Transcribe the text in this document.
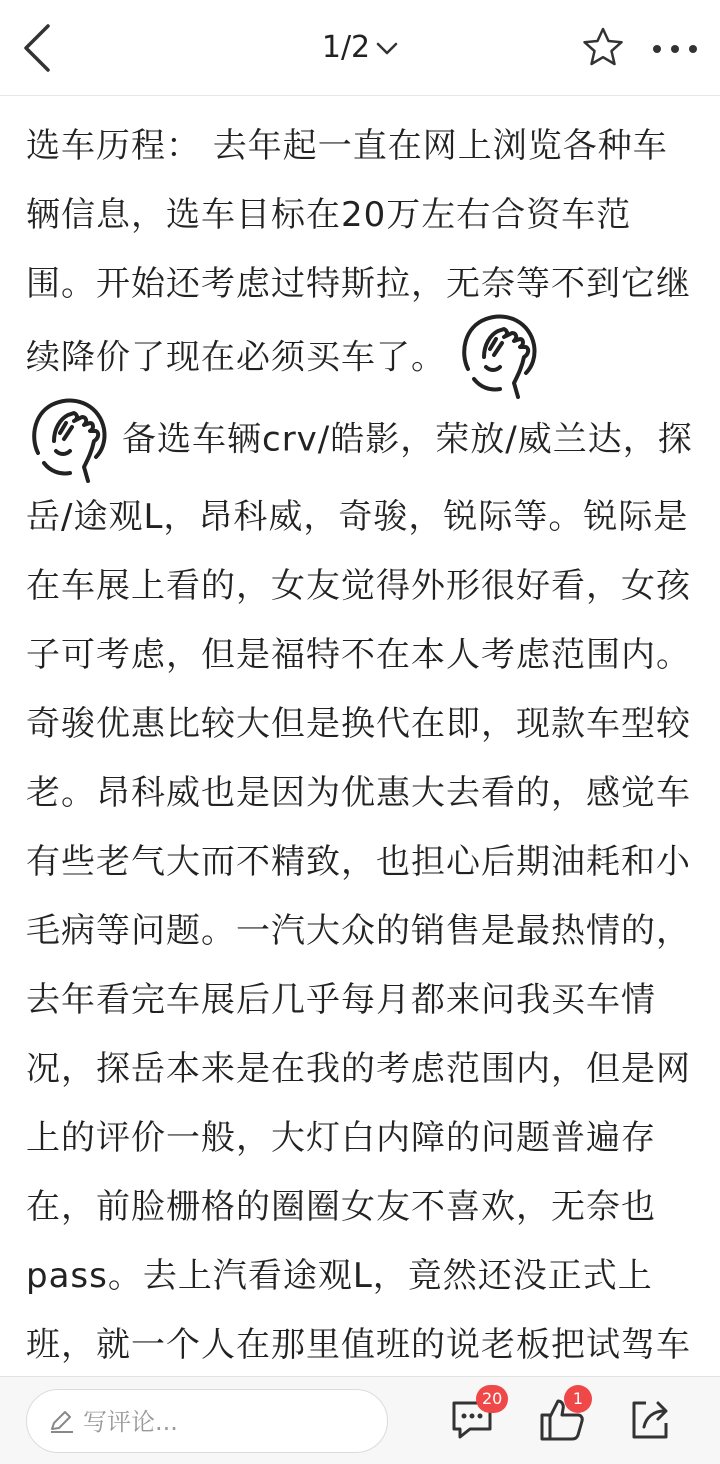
1/2

选车历程： 去年起一直在网上浏览各种车辆信息，选车目标在20万左右合资车范围。开始还考虑过特斯拉，无奈等不到它继续降价了现在必须买车了。

备选车辆crv/皓影，荣放/威兰达，探岳/途观L，昂科威，奇骏，锐际等。锐际是在车展上看的，女友觉得外形很好看，女孩子可考虑，但是福特不在本人考虑范围内。奇骏优惠比较大但是换代在即，现款车型较老。昂科威也是因为优惠大去看的，感觉车有些老气大而不精致，也担心后期油耗和小毛病等问题。一汽大众的销售是最热情的，去年看完车展后几乎每月都来问我买车情况，探岳本来是在我的考虑范围内，但是网上的评价一般，大灯白内障的问题普遍存在，前脸栅格的圈圈女友不喜欢，无奈也pass。去上汽看途观L，竟然还没正式上班，就一个人在那里值班的说老板把试驾车

写评论...
20	1
